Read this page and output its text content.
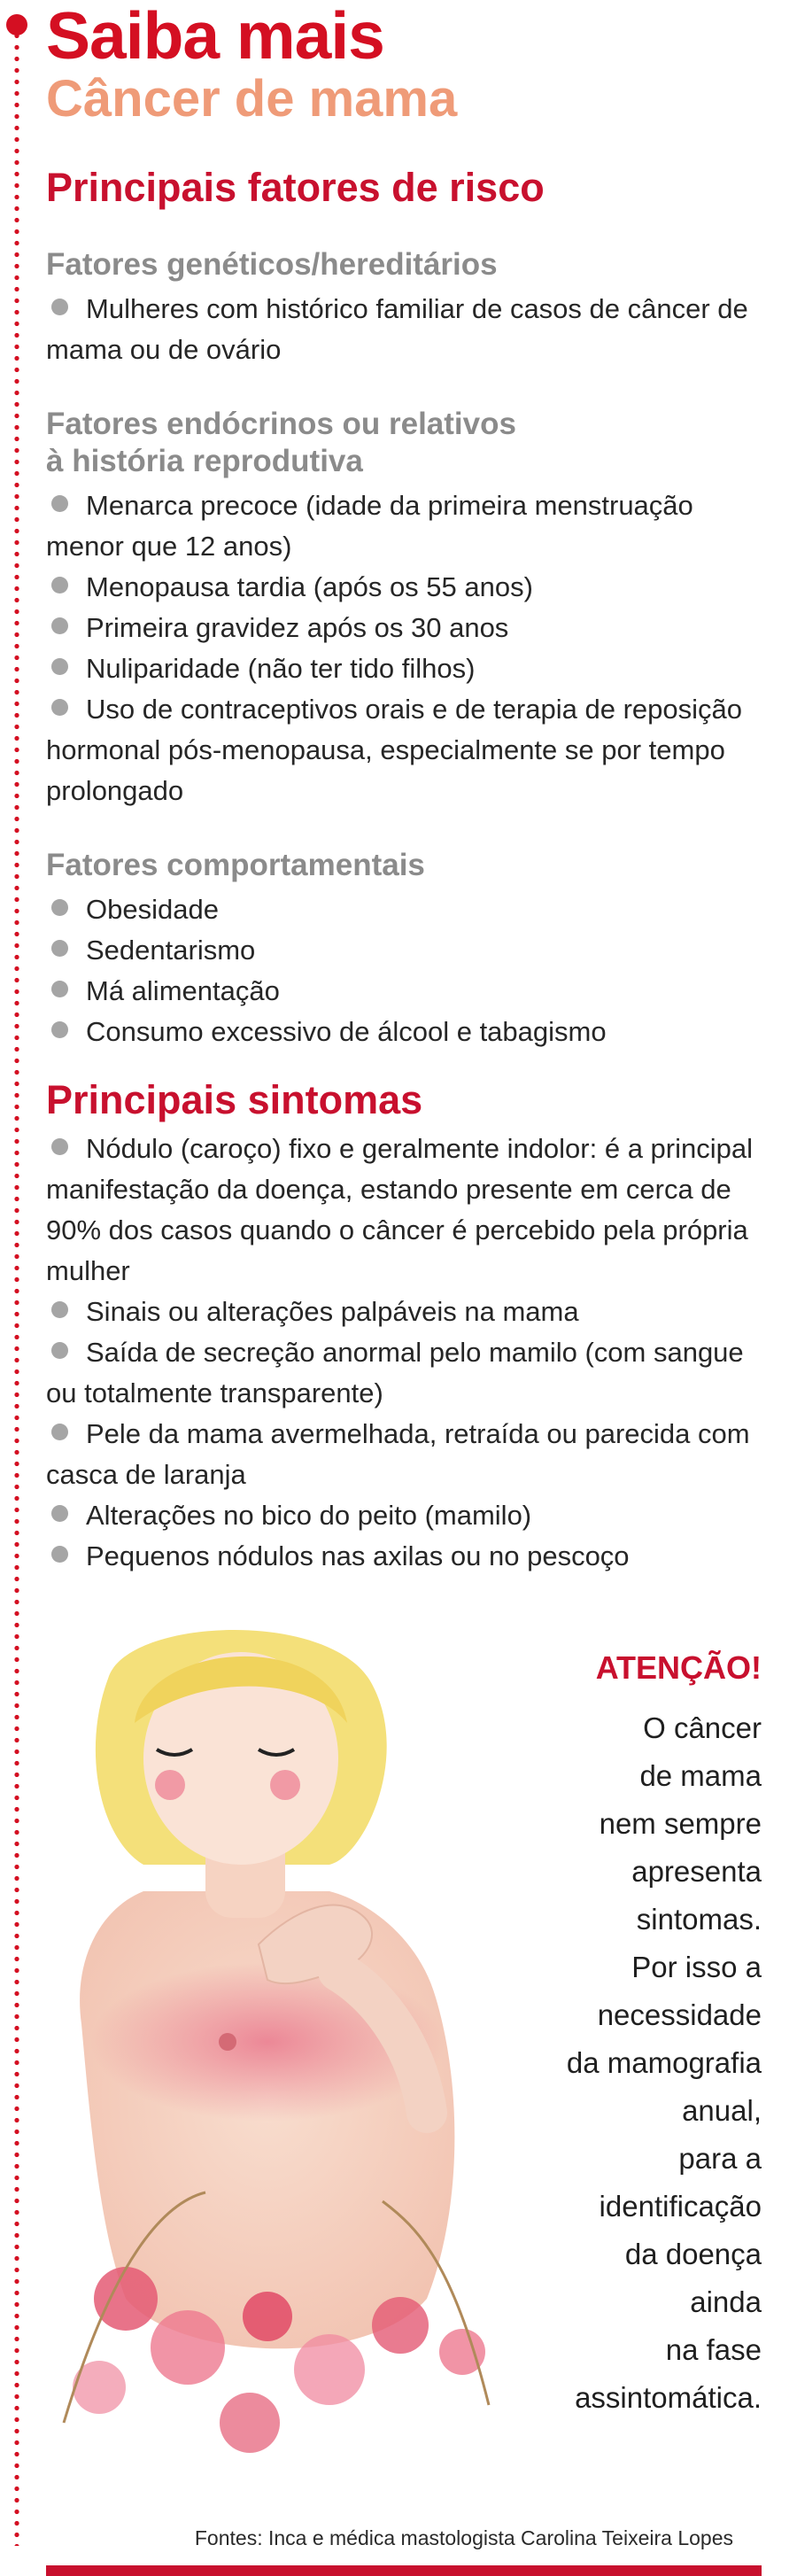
Saiba mais
Câncer de mama
Principais fatores de risco
Fatores genéticos/hereditários
Mulheres com histórico familiar de casos de câncer de mama ou de ovário
Fatores endócrinos ou relativos
à história reprodutiva
Menarca precoce (idade da primeira menstruação menor que 12 anos)
Menopausa tardia (após os 55 anos)
Primeira gravidez após os 30 anos
Nuliparidade (não ter tido filhos)
Uso de contraceptivos orais e de terapia de reposição hormonal pós-menopausa, especialmente se por tempo prolongado
Fatores comportamentais
Obesidade
Sedentarismo
Má alimentação
Consumo excessivo de álcool e tabagismo
Principais sintomas
Nódulo (caroço) fixo e geralmente indolor: é a principal manifestação da doença, estando presente em cerca de 90% dos casos quando o câncer é percebido pela própria mulher
Sinais ou alterações palpáveis na mama
Saída de secreção anormal pelo mamilo (com sangue ou totalmente transparente)
Pele da mama avermelhada, retraída ou parecida com casca de laranja
Alterações no bico do peito (mamilo)
Pequenos nódulos nas axilas ou no pescoço
ATENÇÃO!
O câncer
de mama
nem sempre
apresenta
sintomas.
Por isso a
necessidade
da mamografia
anual,
para a
identificação
da doença
ainda
na fase
assintomática.
Fontes: Inca e médica mastologista Carolina Teixeira Lopes
